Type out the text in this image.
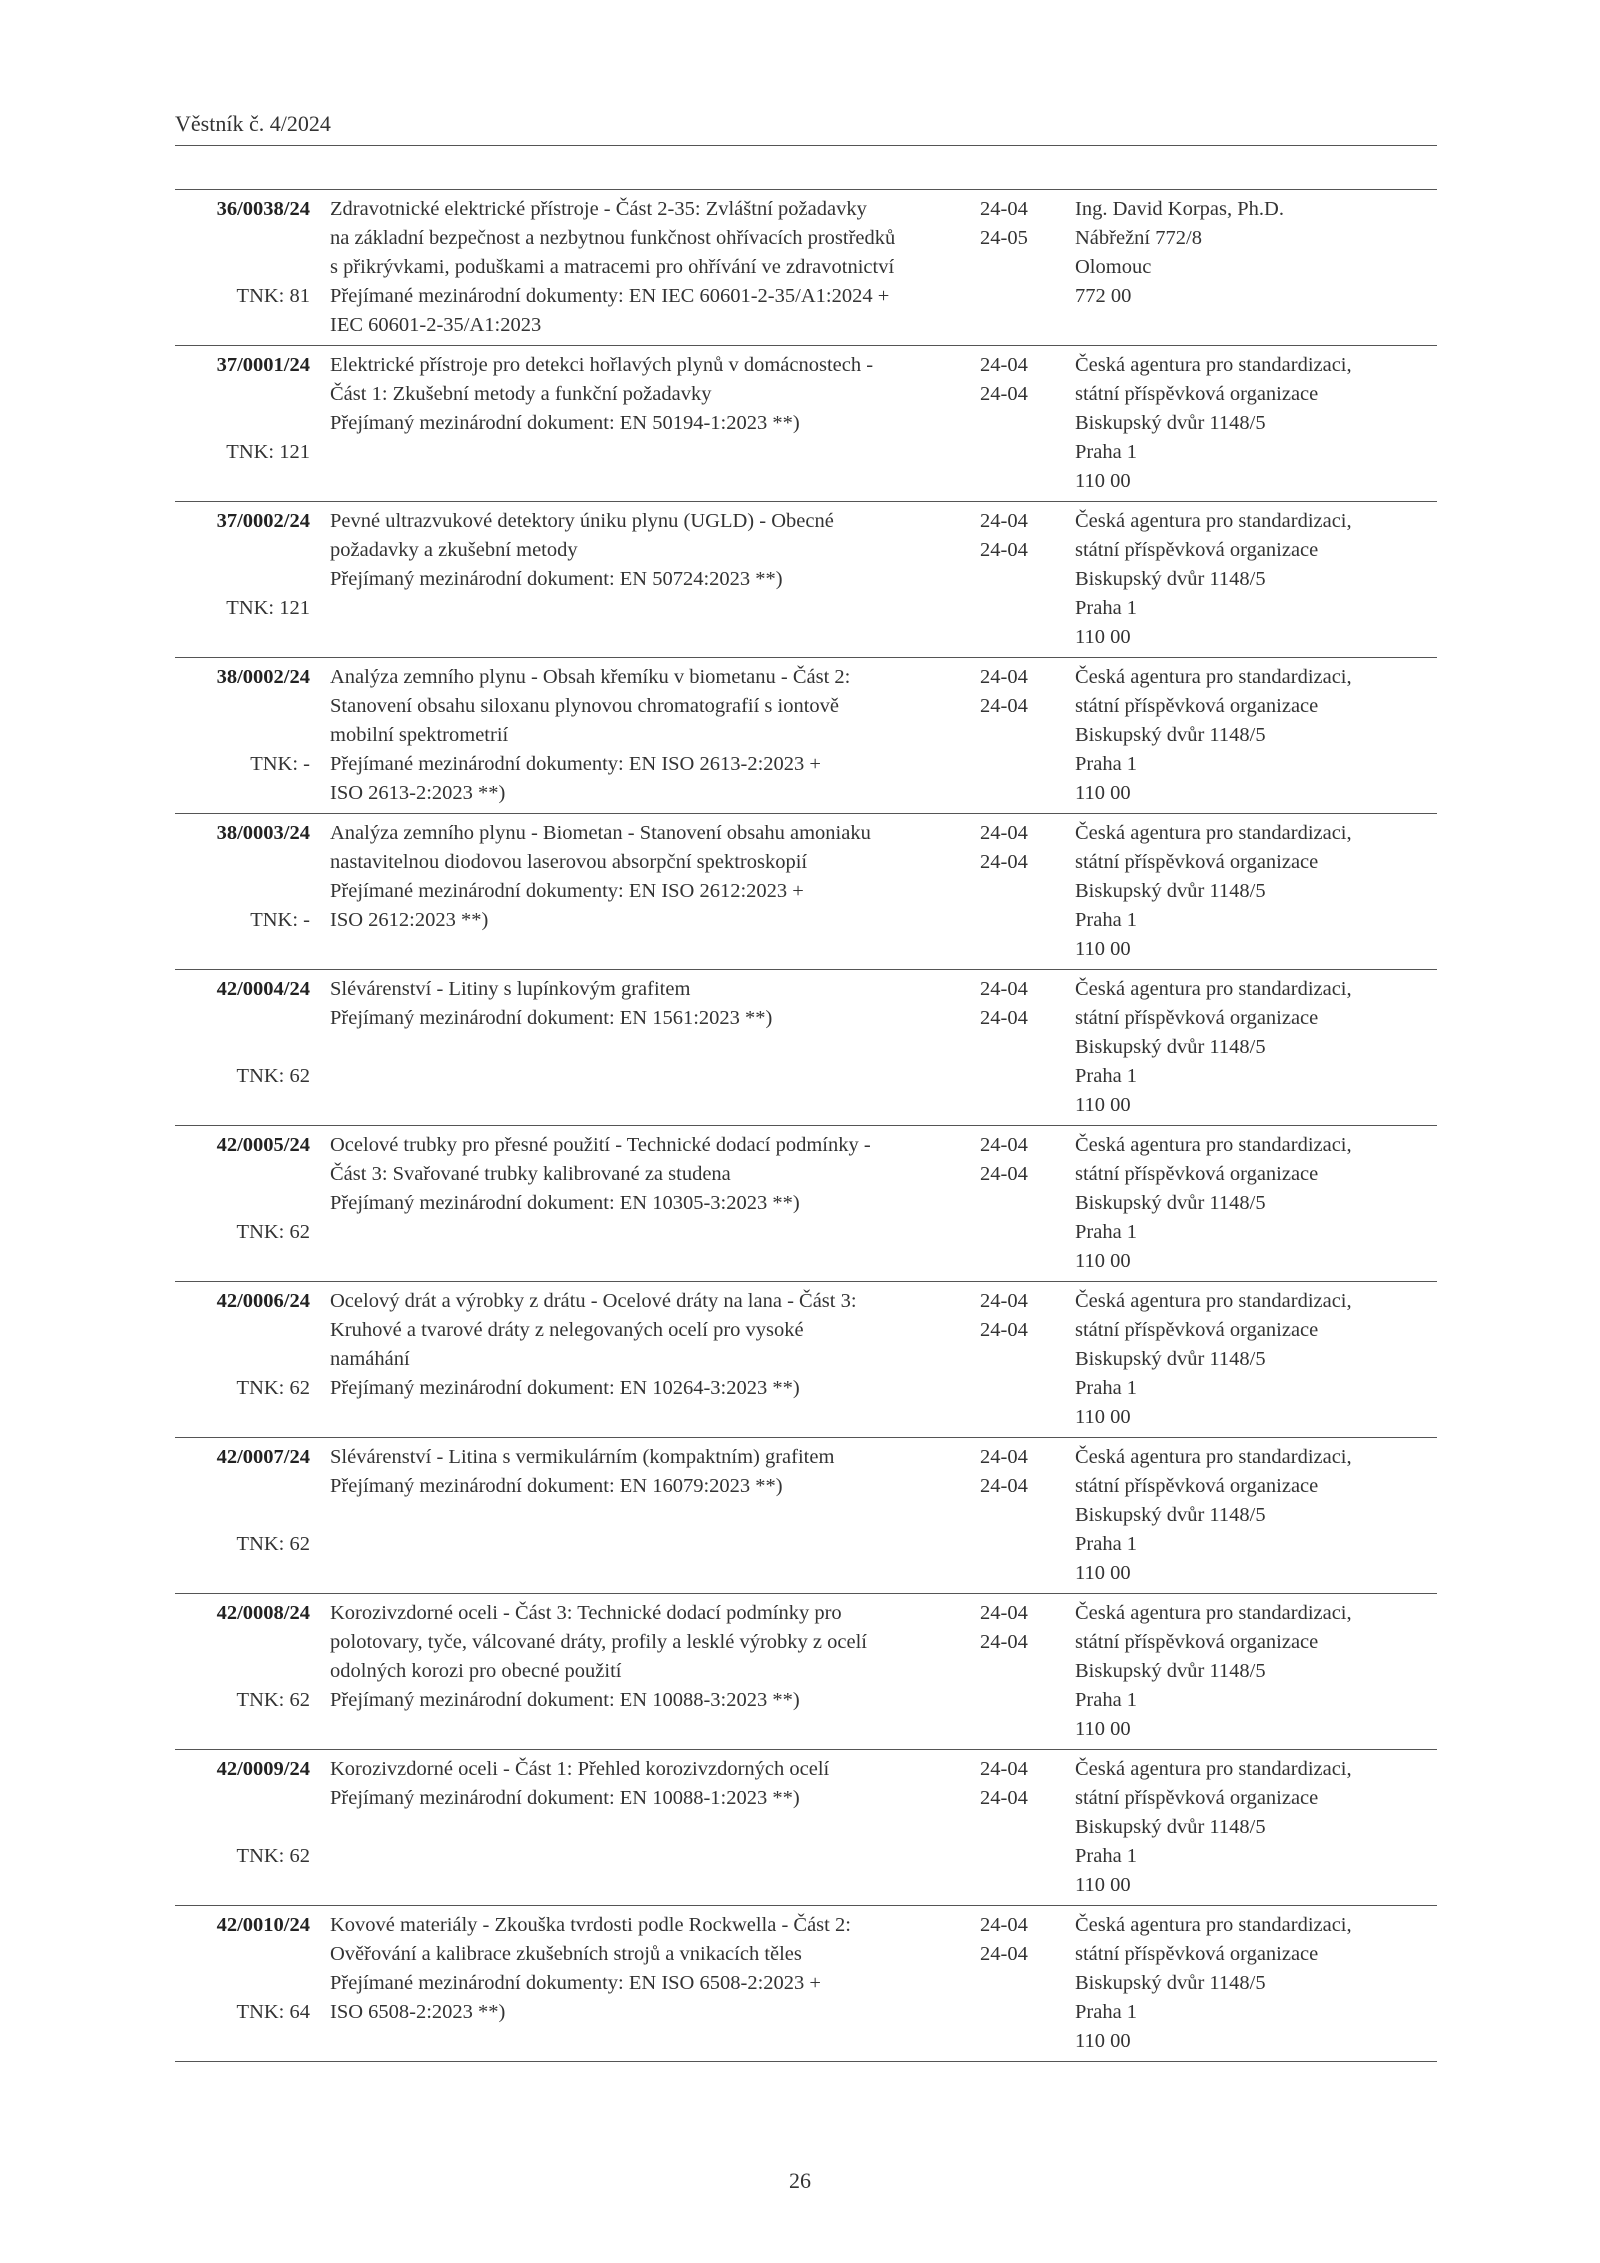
Věstník č. 4/2024
36/0038/24
TNK: 81
Zdravotnické elektrické přístroje - Část 2-35: Zvláštní požadavky
na základní bezpečnost a nezbytnou funkčnost ohřívacích prostředků
s přikrývkami, poduškami a matracemi pro ohřívání ve zdravotnictví
Přejímané mezinárodní dokumenty: EN IEC 60601-2-35/A1:2024 +
IEC 60601-2-35/A1:2023
24-04
24-05
Ing. David Korpas, Ph.D.
Nábřežní 772/8
Olomouc
772 00
37/0001/24
TNK: 121
Elektrické přístroje pro detekci hořlavých plynů v domácnostech -
Část 1: Zkušební metody a funkční požadavky
Přejímaný mezinárodní dokument: EN 50194-1:2023 **)
24-04
24-04
Česká agentura pro standardizaci,
státní příspěvková organizace
Biskupský dvůr 1148/5
Praha 1
110 00
37/0002/24
TNK: 121
Pevné ultrazvukové detektory úniku plynu (UGLD) - Obecné
požadavky a zkušební metody
Přejímaný mezinárodní dokument: EN 50724:2023 **)
24-04
24-04
Česká agentura pro standardizaci,
státní příspěvková organizace
Biskupský dvůr 1148/5
Praha 1
110 00
38/0002/24
TNK: -
Analýza zemního plynu - Obsah křemíku v biometanu - Část 2:
Stanovení obsahu siloxanu plynovou chromatografií s iontově
mobilní spektrometrií
Přejímané mezinárodní dokumenty: EN ISO 2613-2:2023 +
ISO 2613-2:2023 **)
24-04
24-04
Česká agentura pro standardizaci,
státní příspěvková organizace
Biskupský dvůr 1148/5
Praha 1
110 00
38/0003/24
TNK: -
Analýza zemního plynu - Biometan - Stanovení obsahu amoniaku
nastavitelnou diodovou laserovou absorpční spektroskopií
Přejímané mezinárodní dokumenty: EN ISO 2612:2023 +
ISO 2612:2023 **)
24-04
24-04
Česká agentura pro standardizaci,
státní příspěvková organizace
Biskupský dvůr 1148/5
Praha 1
110 00
42/0004/24
TNK: 62
Slévárenství - Litiny s lupínkovým grafitem
Přejímaný mezinárodní dokument: EN 1561:2023 **)
24-04
24-04
Česká agentura pro standardizaci,
státní příspěvková organizace
Biskupský dvůr 1148/5
Praha 1
110 00
42/0005/24
TNK: 62
Ocelové trubky pro přesné použití - Technické dodací podmínky -
Část 3: Svařované trubky kalibrované za studena
Přejímaný mezinárodní dokument: EN 10305-3:2023 **)
24-04
24-04
Česká agentura pro standardizaci,
státní příspěvková organizace
Biskupský dvůr 1148/5
Praha 1
110 00
42/0006/24
TNK: 62
Ocelový drát a výrobky z drátu - Ocelové dráty na lana - Část 3:
Kruhové a tvarové dráty z nelegovaných ocelí pro vysoké
namáhání
Přejímaný mezinárodní dokument: EN 10264-3:2023 **)
24-04
24-04
Česká agentura pro standardizaci,
státní příspěvková organizace
Biskupský dvůr 1148/5
Praha 1
110 00
42/0007/24
TNK: 62
Slévárenství - Litina s vermikulárním (kompaktním) grafitem
Přejímaný mezinárodní dokument: EN 16079:2023 **)
24-04
24-04
Česká agentura pro standardizaci,
státní příspěvková organizace
Biskupský dvůr 1148/5
Praha 1
110 00
42/0008/24
TNK: 62
Korozivzdorné oceli - Část 3: Technické dodací podmínky pro
polotovary, tyče, válcované dráty, profily a lesklé výrobky z ocelí
odolných korozi pro obecné použití
Přejímaný mezinárodní dokument: EN 10088-3:2023 **)
24-04
24-04
Česká agentura pro standardizaci,
státní příspěvková organizace
Biskupský dvůr 1148/5
Praha 1
110 00
42/0009/24
TNK: 62
Korozivzdorné oceli - Část 1: Přehled korozivzdorných ocelí
Přejímaný mezinárodní dokument: EN 10088-1:2023 **)
24-04
24-04
Česká agentura pro standardizaci,
státní příspěvková organizace
Biskupský dvůr 1148/5
Praha 1
110 00
42/0010/24
TNK: 64
Kovové materiály - Zkouška tvrdosti podle Rockwella - Část 2:
Ověřování a kalibrace zkušebních strojů a vnikacích těles
Přejímané mezinárodní dokumenty: EN ISO 6508-2:2023 +
ISO 6508-2:2023 **)
24-04
24-04
Česká agentura pro standardizaci,
státní příspěvková organizace
Biskupský dvůr 1148/5
Praha 1
110 00
26
